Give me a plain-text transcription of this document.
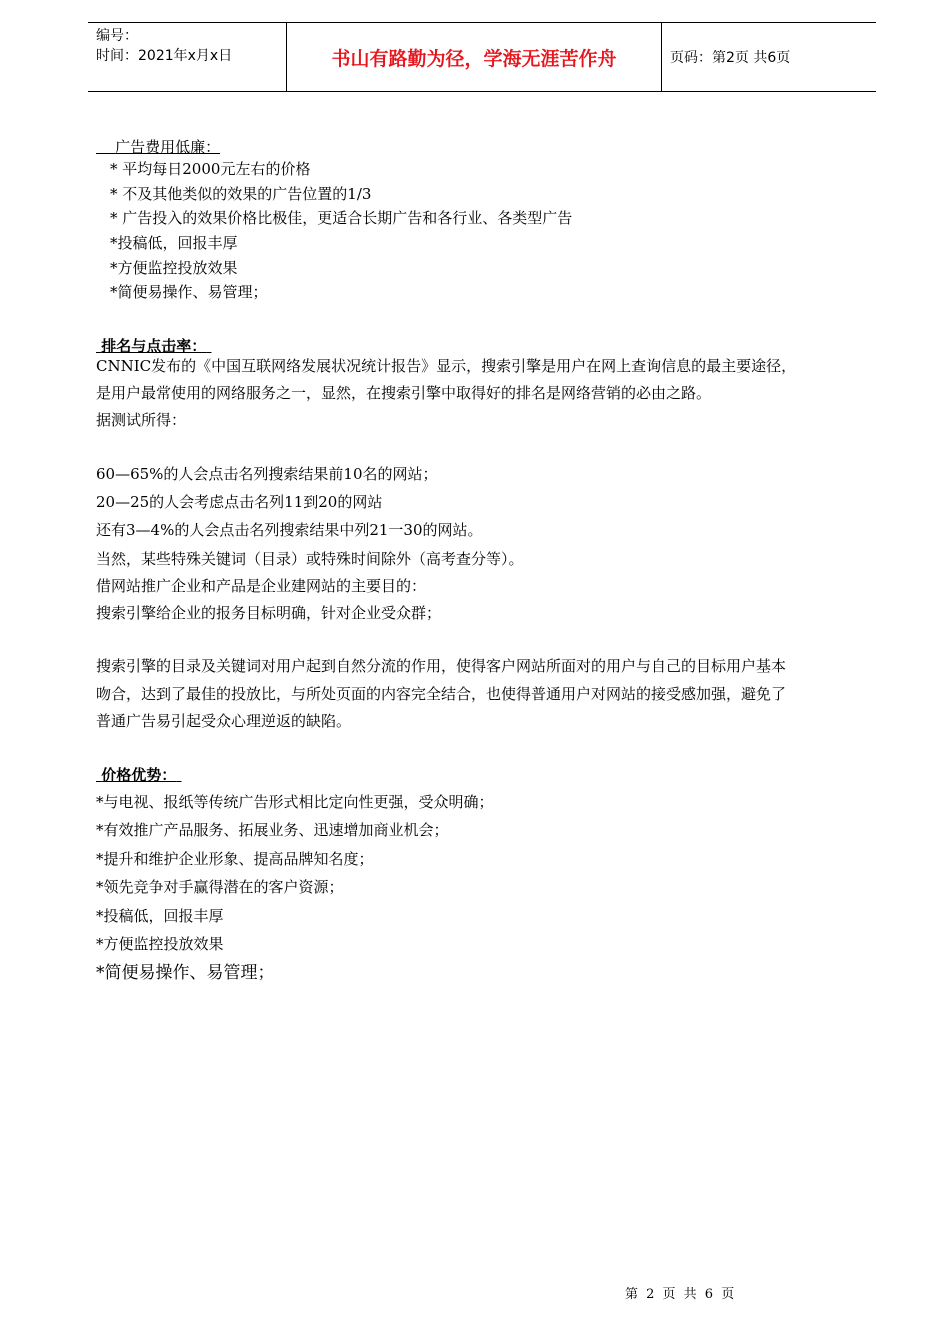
编号：
时间：2021年x月x日	书山有路勤为径，学海无涯苦作舟	页码：第2页 共6页
广告费用低廉：
* 平均每日2000元左右的价格
* 不及其他类似的效果的广告位置的1/3
* 广告投入的效果价格比极佳，更适合长期广告和各行业、各类型广告
*投稿低，回报丰厚
*方便监控投放效果
*简便易操作、易管理；
排名与点击率：
CNNIC发布的《中国互联网络发展状况统计报告》显示，搜索引擎是用户在网上查询信息的最主要途径，
是用户最常使用的网络服务之一，显然，在搜索引擎中取得好的排名是网络营销的必由之路。
据测试所得：
60—65%的人会点击名列搜索结果前10名的网站；
20—25的人会考虑点击名列11到20的网站
还有3—4%的人会点击名列搜索结果中列21一30的网站。
当然，某些特殊关键词（目录）或特殊时间除外（高考查分等）。
借网站推广企业和产品是企业建网站的主要目的：
搜索引擎给企业的报务目标明确，针对企业受众群；
搜索引擎的目录及关键词对用户起到自然分流的作用，使得客户网站所面对的用户与自己的目标用户基本
吻合，达到了最佳的投放比，与所处页面的内容完全结合，也使得普通用户对网站的接受感加强，避免了
普通广告易引起受众心理逆返的缺陷。
价格优势：
*与电视、报纸等传统广告形式相比定向性更强，受众明确；
*有效推广产品服务、拓展业务、迅速增加商业机会；
*提升和维护企业形象、提高品牌知名度；
*领先竞争对手赢得潜在的客户资源；
*投稿低，回报丰厚
*方便监控投放效果
*简便易操作、易管理；
第 2 页 共 6 页
